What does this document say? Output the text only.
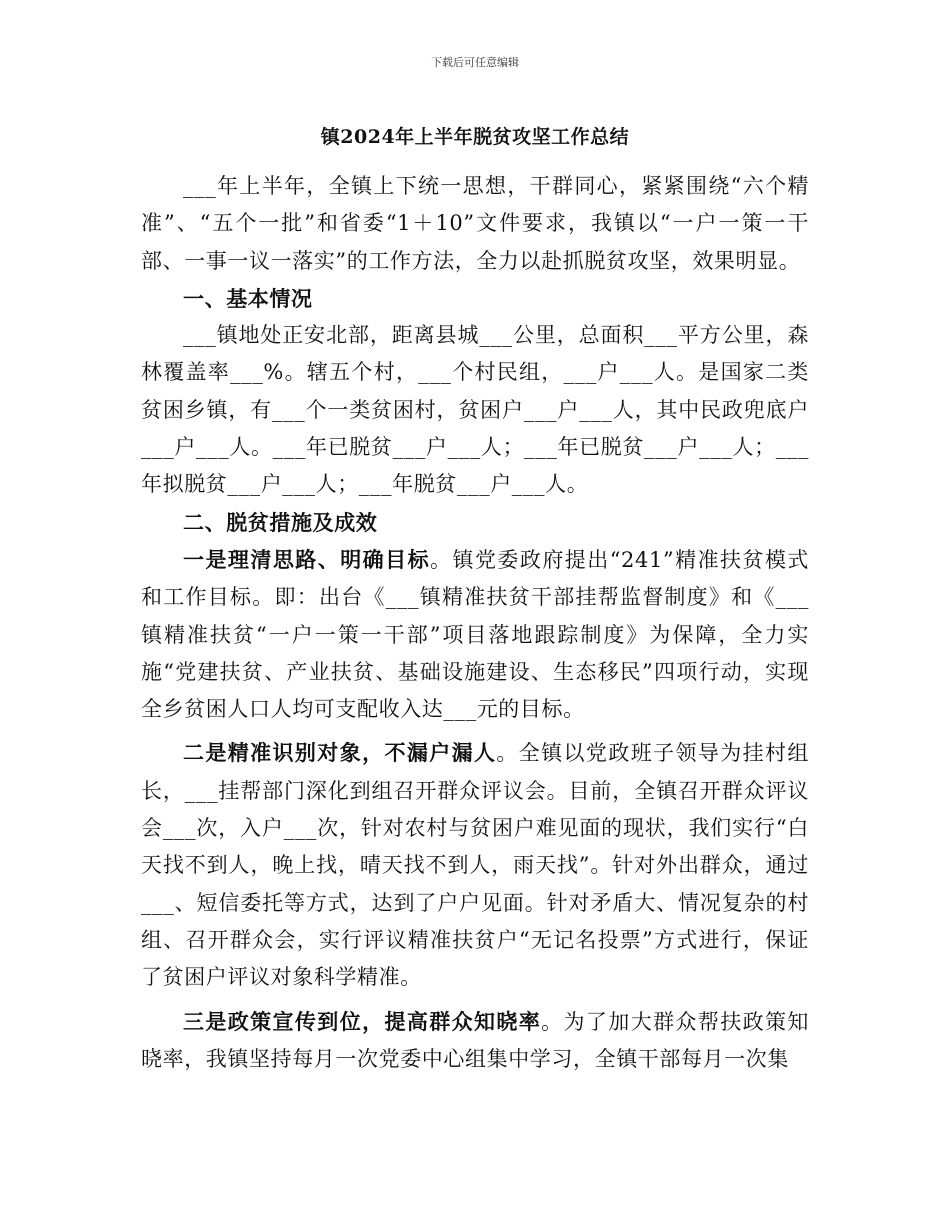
下载后可任意编辑
镇2024年上半年脱贫攻坚工作总结

___年上半年，全镇上下统一思想，干群同心，紧紧围绕“六个精准”、“五个一批”和省委“1＋10”文件要求，我镇以“一户一策一干部、一事一议一落实”的工作方法，全力以赴抓脱贫攻坚，效果明显。

一、基本情况

___镇地处正安北部，距离县城___公里，总面积___平方公里，森林覆盖率___%。辖五个村，___个村民组，___户___人。是国家二类贫困乡镇，有___个一类贫困村，贫困户___户___人，其中民政兜底户___户___人。___年已脱贫___户___人；___年已脱贫___户___人；___年拟脱贫___户___人；___年脱贫___户___人。

二、脱贫措施及成效

一是理清思路、明确目标。镇党委政府提出“241”精准扶贫模式和工作目标。即：出台《___镇精准扶贫干部挂帮监督制度》和《___镇精准扶贫“一户一策一干部”项目落地跟踪制度》为保障，全力实施“党建扶贫、产业扶贫、基础设施建设、生态移民”四项行动，实现全乡贫困人口人均可支配收入达___元的目标。

二是精准识别对象，不漏户漏人。全镇以党政班子领导为挂村组长，___挂帮部门深化到组召开群众评议会。目前，全镇召开群众评议会___次，入户___次，针对农村与贫困户难见面的现状，我们实行“白天找不到人，晚上找，晴天找不到人，雨天找”。针对外出群众，通过___、短信委托等方式，达到了户户见面。针对矛盾大、情况复杂的村组、召开群众会，实行评议精准扶贫户“无记名投票”方式进行，保证了贫困户评议对象科学精准。

三是政策宣传到位，提高群众知晓率。为了加大群众帮扶政策知晓率，我镇坚持每月一次党委中心组集中学习，全镇干部每月一次集
